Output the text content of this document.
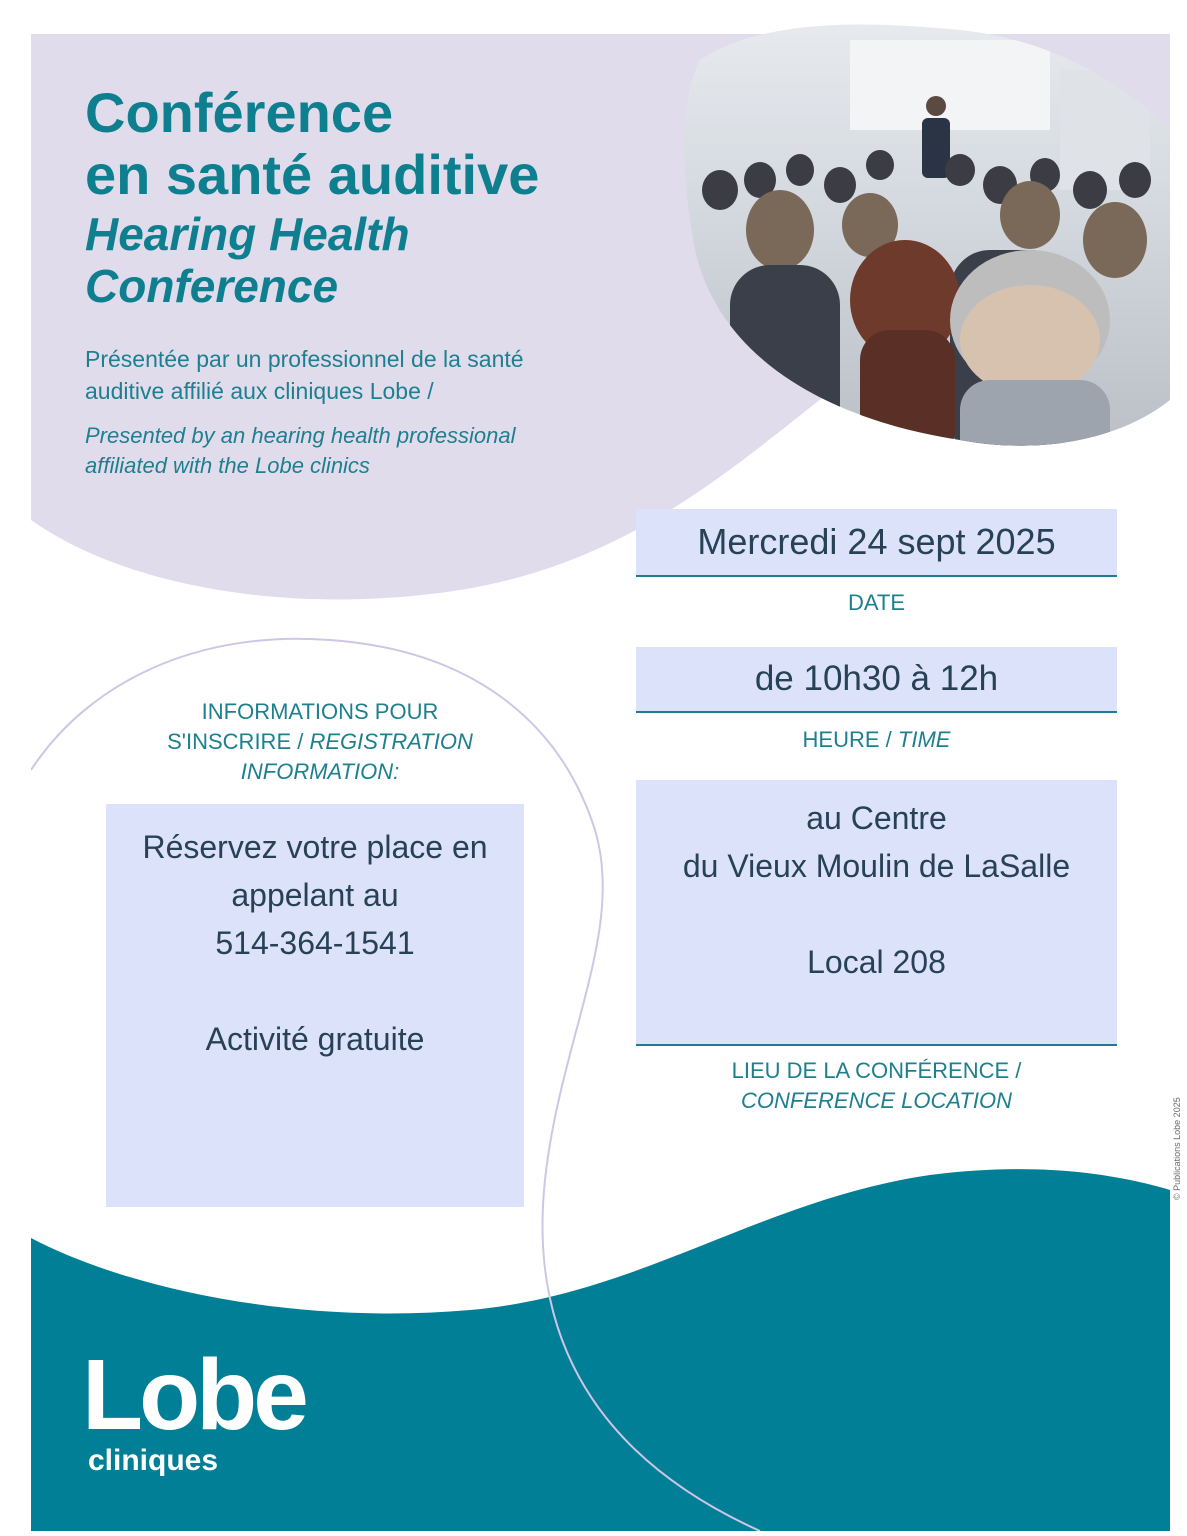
Conférence
en santé auditive
Hearing Health
Conference
Présentée par un professionnel de la santé
auditive affilié aux cliniques Lobe /
Presented by an hearing health professional
affiliated with the Lobe clinics
Mercredi 24 sept 2025
DATE
de 10h30 à 12h
HEURE / TIME
au Centre
du Vieux Moulin de LaSalle
Local 208
LIEU DE LA CONFÉRENCE /
CONFERENCE LOCATION
INFORMATIONS POUR
S'INSCRIRE / REGISTRATION
INFORMATION:
Réservez votre place en
appelant au
514-364-1541
Activité gratuite
Lobe
cliniques
© Publications Lobe 2025
